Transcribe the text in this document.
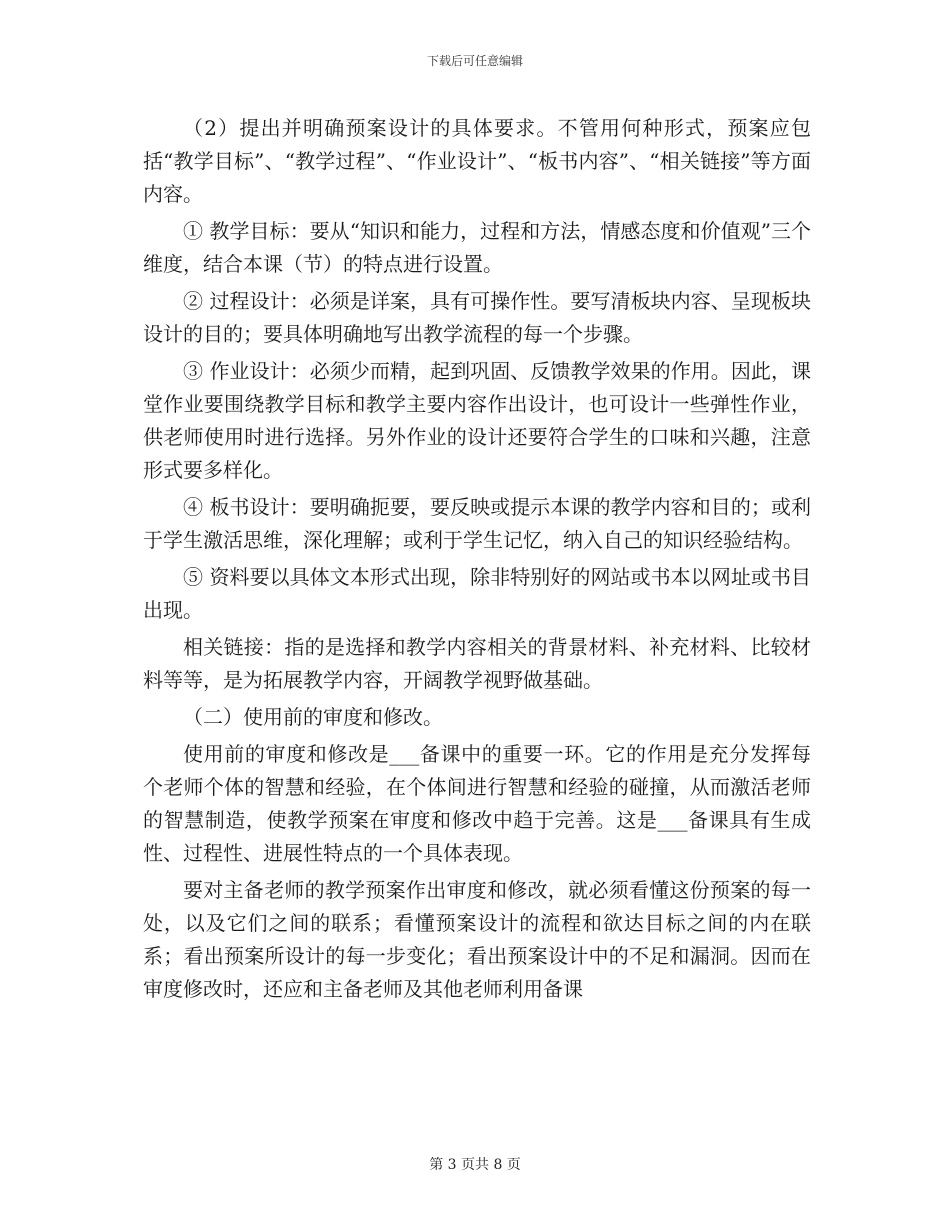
下载后可任意编辑

（2）提出并明确预案设计的具体要求。不管用何种形式，预案应包括“教学目标”、“教学过程”、“作业设计”、“板书内容”、“相关链接”等方面内容。

① 教学目标：要从“知识和能力，过程和方法，情感态度和价值观”三个维度，结合本课（节）的特点进行设置。

② 过程设计：必须是详案，具有可操作性。要写清板块内容、呈现板块设计的目的；要具体明确地写出教学流程的每一个步骤。

③ 作业设计：必须少而精，起到巩固、反馈教学效果的作用。因此，课堂作业要围绕教学目标和教学主要内容作出设计，也可设计一些弹性作业，供老师使用时进行选择。另外作业的设计还要符合学生的口味和兴趣，注意形式要多样化。

④ 板书设计：要明确扼要，要反映或提示本课的教学内容和目的；或利于学生激活思维，深化理解；或利于学生记忆，纳入自己的知识经验结构。

⑤ 资料要以具体文本形式出现，除非特别好的网站或书本以网址或书目出现。

相关链接：指的是选择和教学内容相关的背景材料、补充材料、比较材料等等，是为拓展教学内容，开阔教学视野做基础。

（二）使用前的审度和修改。

使用前的审度和修改是___备课中的重要一环。它的作用是充分发挥每个老师个体的智慧和经验，在个体间进行智慧和经验的碰撞，从而激活老师的智慧制造，使教学预案在审度和修改中趋于完善。这是___备课具有生成性、过程性、进展性特点的一个具体表现。

要对主备老师的教学预案作出审度和修改，就必须看懂这份预案的每一处，以及它们之间的联系；看懂预案设计的流程和欲达目标之间的内在联系；看出预案所设计的每一步变化；看出预案设计中的不足和漏洞。因而在审度修改时，还应和主备老师及其他老师利用备课

第 3 页共 8 页
